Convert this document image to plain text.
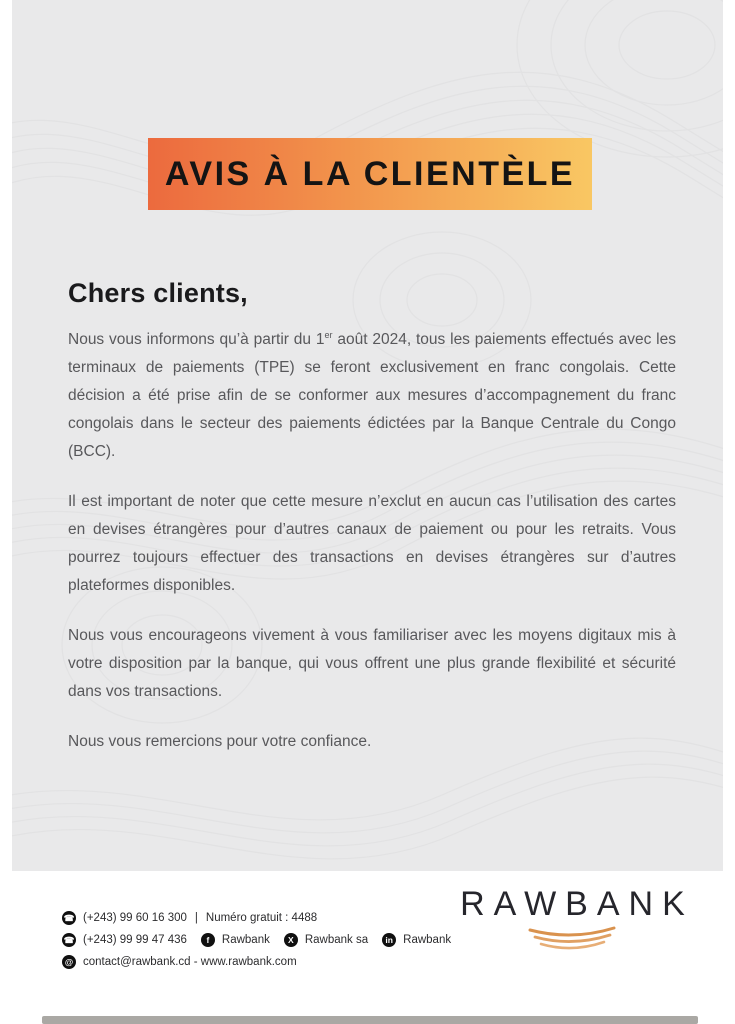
AVIS À LA CLIENTÈLE
Chers clients,

Nous vous informons qu’à partir du 1er août 2024, tous les paiements effectués avec les terminaux de paiements (TPE) se feront exclusivement en franc congolais. Cette décision a été prise afin de se conformer aux mesures d’accompagnement du franc congolais dans le secteur des paiements édictées par la Banque Centrale du Congo (BCC).

Il est important de noter que cette mesure n’exclut en aucun cas l’utilisation des cartes en devises étrangères pour d’autres canaux de paiement ou pour les retraits. Vous pourrez toujours effectuer des transactions en devises étrangères sur d’autres plateformes disponibles.

Nous vous encourageons vivement à vous familiariser avec les moyens digitaux mis à votre disposition par la banque, qui vous offrent une plus grande flexibilité et sécurité dans vos transactions.

Nous vous remercions pour votre confiance.

☎ (+243) 99 60 16 300 | Numéro gratuit : 4488
☎ (+243) 99 99 47 436	f	Rawbank	X Rawbank sa	in Rawbank
@ contact@rawbank.cd - www.rawbank.com
RAWBANK
